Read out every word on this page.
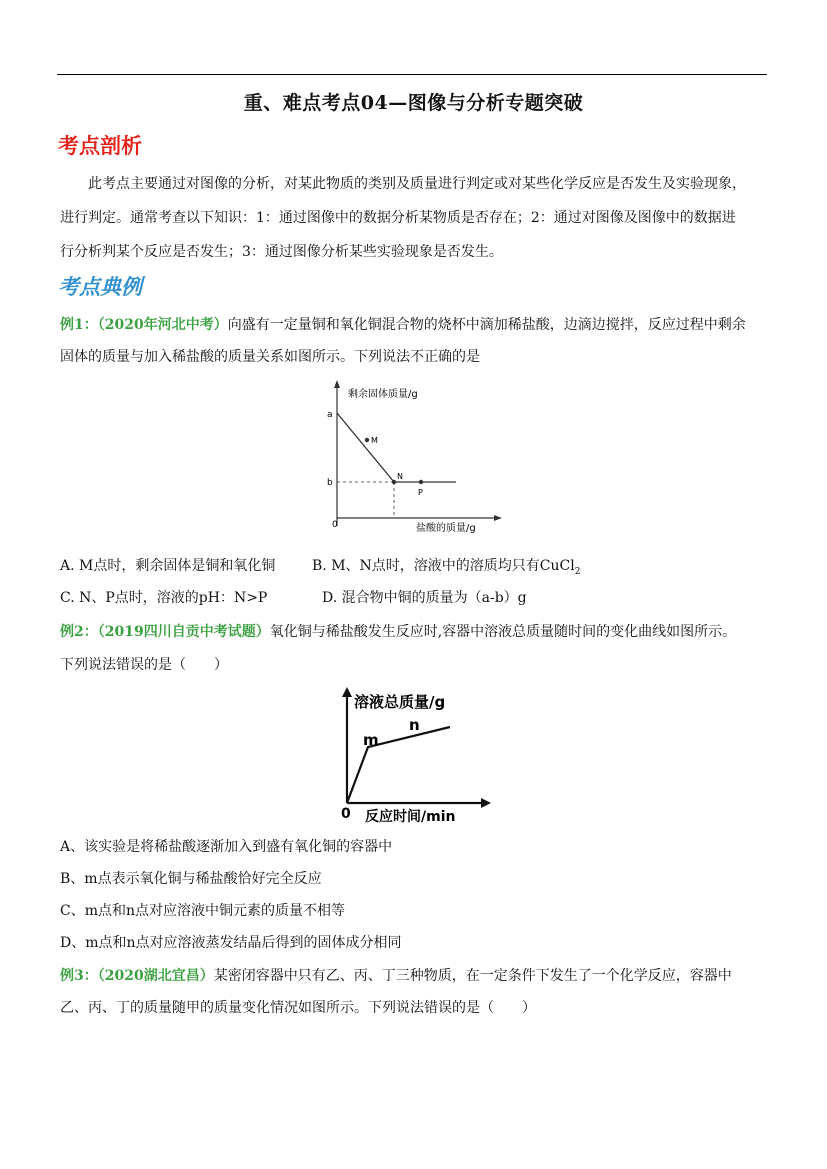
重、难点考点04—图像与分析专题突破
考点剖析
此考点主要通过对图像的分析，对某此物质的类别及质量进行判定或对某些化学反应是否发生及实验现象，
进行判定。通常考查以下知识：1：通过图像中的数据分析某物质是否存在；2：通过对图像及图像中的数据进
行分析判某个反应是否发生；3：通过图像分析某些实验现象是否发生。
考点典例
例1：（2020年河北中考）向盛有一定量铜和氧化铜混合物的烧杯中滴加稀盐酸，边滴边搅拌，反应过程中剩余
固体的质量与加入稀盐酸的质量关系如图所示。下列说法不正确的是
剩余固体质量/g
盐酸的质量/g
0
a
b
M
N
P
A. M点时，剩余固体是铜和氧化铜	B. M、N点时，溶液中的溶质均只有CuCl$_2$
C. N、P点时，溶液的pH：N>P	D. 混合物中铜的质量为（a-b）g
例2：（2019四川自贡中考试题）氧化铜与稀盐酸发生反应时,容器中溶液总质量随时间的变化曲线如图所示。
下列说法错误的是（　　）
溶液总质量/g
反应时间/min
0
m
n
A、该实验是将稀盐酸逐渐加入到盛有氧化铜的容器中
B、m点表示氧化铜与稀盐酸恰好完全反应
C、m点和n点对应溶液中铜元素的质量不相等
D、m点和n点对应溶液蒸发结晶后得到的固体成分相同
例3：（2020湖北宜昌）某密闭容器中只有乙、丙、丁三种物质，在一定条件下发生了一个化学反应，容器中
乙、丙、丁的质量随甲的质量变化情况如图所示。下列说法错误的是（　　）
